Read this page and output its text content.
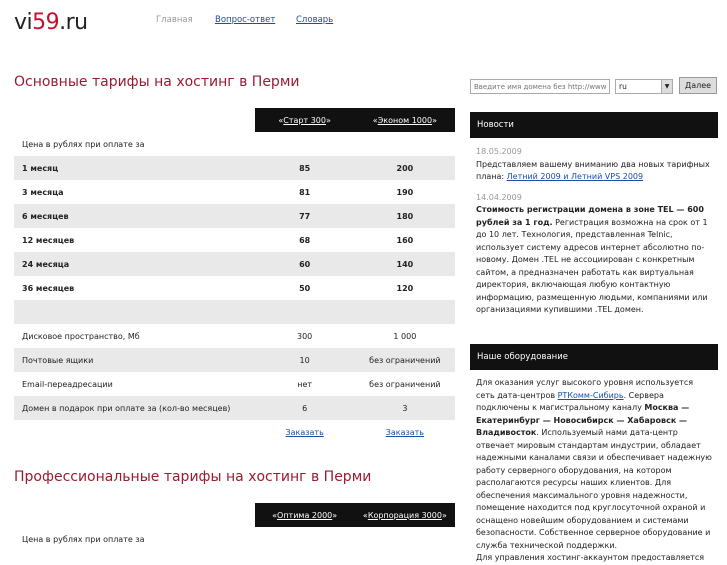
vi59.ru	Главная	Вопрос-ответ Словарь
Основные тарифы на хостинг в Перми
	«Старт 300»	«Эконом 1000»
Цена в рублях при оплате за		
1 месяц	85	200
3 месяца	81	190
6 месяцев	77	180
12 месяцев	68	160
24 месяца	60	140
36 месяцев	50	120

Дисковое пространство, Мб	300	1 000
Почтовые ящики	10	без ограничений
Email-переадресации	нет	без ограничений
Домен в подарок при оплате за (кол-во месяцев)	6	3
	Заказать	Заказать
Профессиональные тарифы на хостинг в Перми
	«Оптима 2000»	«Корпорация 3000»
Цена в рублях при оплате за
Введите имя домена без http://www.
ru	▼	Далее
Новости
18.05.2009
Представляем вашему вниманию два новых тарифных плана: Летний 2009 и Летний VPS 2009
14.04.2009
Стоимость регистрации домена в зоне TEL — 600 рублей за 1 год. Регистрация возможна на срок от 1 до 10 лет. Технология, представленная Telnic, использует систему адресов интернет абсолютно по-новому. Домен .TEL не ассоциирован с конкретным сайтом, а предназначен работать как виртуальная директория, включающая любую контактную информацию, размещенную людьми, компаниями или организациями купившими .TEL домен.
Наше оборудование
Для оказания услуг высокого уровня используется сеть дата-центров РТКомм-Сибирь. Сервера подключены к магистральному каналу Москва — Екатеринбург — Новосибирск — Хабаровск — Владивосток. Используемый нами дата-центр отвечает мировым стандартам индустрии, обладает надежными каналами связи и обеспечивает надежную работу серверного оборудования, на котором располагаются ресурсы наших клиентов. Для обеспечения максимального уровня надежности, помещение находится под круглосуточной охраной и оснащено новейшим оборудованием и системами безопасности. Собственное серверное оборудование и служба технической поддержки.
Для управления хостинг-аккаунтом предоставляется
